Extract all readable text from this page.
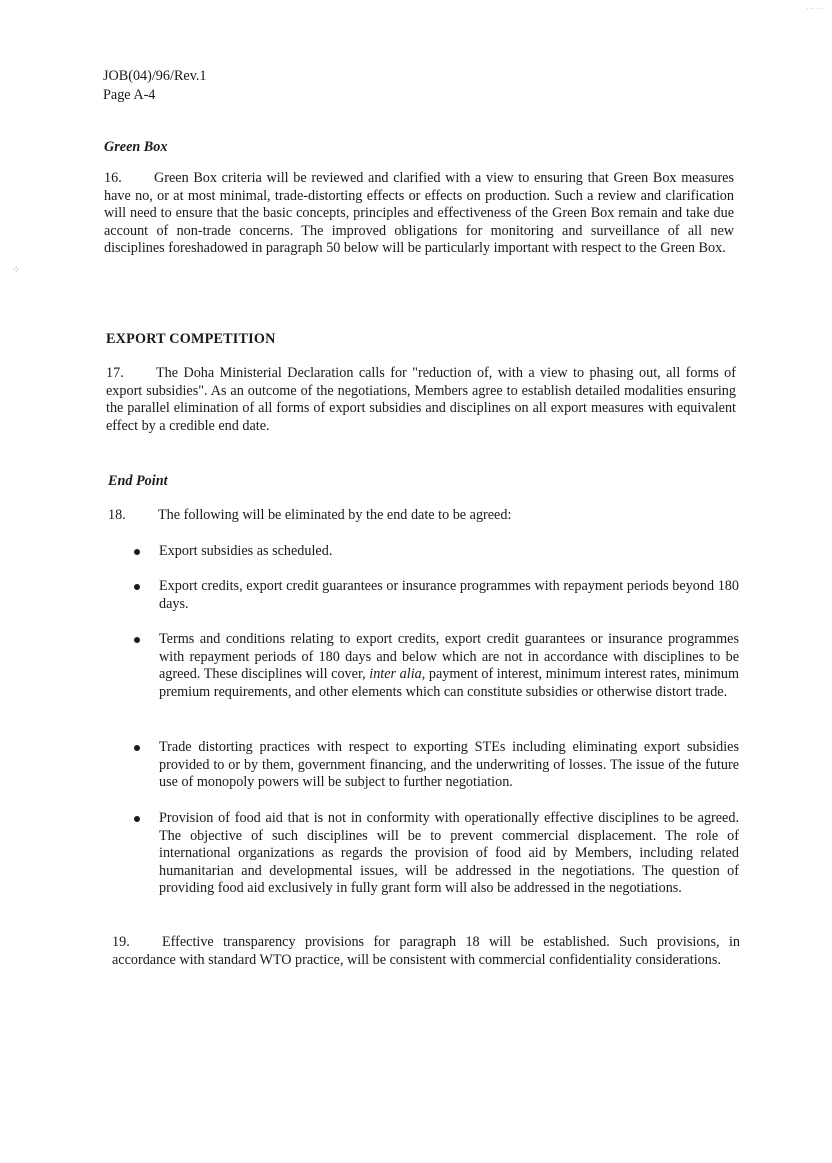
⁘
⋯⋯
JOB(04)/96/Rev.1
Page A-4
Green Box
16. Green Box criteria will be reviewed and clarified with a view to ensuring that Green Box measures have no, or at most minimal, trade-distorting effects or effects on production. Such a review and clarification will need to ensure that the basic concepts, principles and effectiveness of the Green Box remain and take due account of non-trade concerns. The improved obligations for monitoring and surveillance of all new disciplines foreshadowed in paragraph 50 below will be particularly important with respect to the Green Box.
EXPORT COMPETITION
17. The Doha Ministerial Declaration calls for "reduction of, with a view to phasing out, all forms of export subsidies". As an outcome of the negotiations, Members agree to establish detailed modalities ensuring the parallel elimination of all forms of export subsidies and disciplines on all export measures with equivalent effect by a credible end date.
End Point
18. The following will be eliminated by the end date to be agreed:
Export subsidies as scheduled.
Export credits, export credit guarantees or insurance programmes with repayment periods beyond 180 days.
Terms and conditions relating to export credits, export credit guarantees or insurance programmes with repayment periods of 180 days and below which are not in accordance with disciplines to be agreed. These disciplines will cover, inter alia, payment of interest, minimum interest rates, minimum premium requirements, and other elements which can constitute subsidies or otherwise distort trade.
Trade distorting practices with respect to exporting STEs including eliminating export subsidies provided to or by them, government financing, and the underwriting of losses. The issue of the future use of monopoly powers will be subject to further negotiation.
Provision of food aid that is not in conformity with operationally effective disciplines to be agreed. The objective of such disciplines will be to prevent commercial displacement. The role of international organizations as regards the provision of food aid by Members, including related humanitarian and developmental issues, will be addressed in the negotiations. The question of providing food aid exclusively in fully grant form will also be addressed in the negotiations.
19. Effective transparency provisions for paragraph 18 will be established. Such provisions, in accordance with standard WTO practice, will be consistent with commercial confidentiality considerations.
